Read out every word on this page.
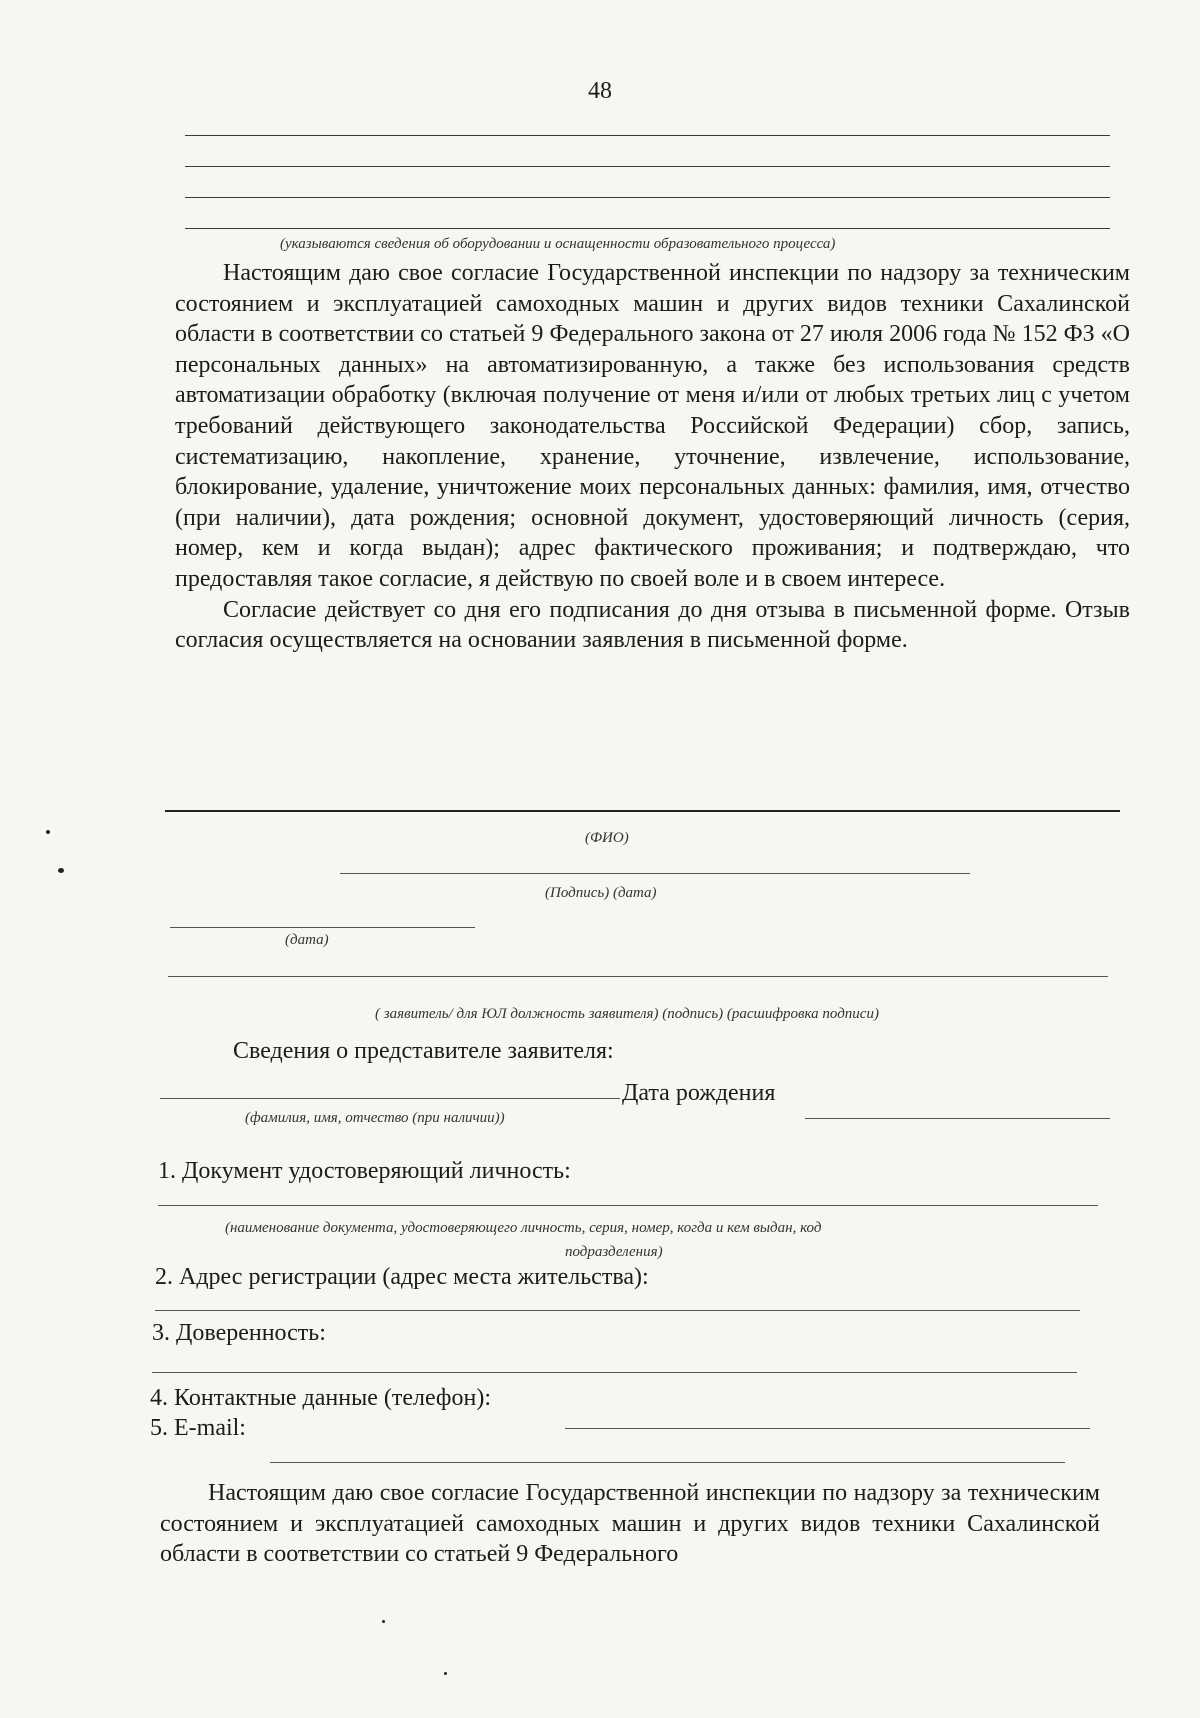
48
(указываются сведения об оборудовании и оснащенности образовательного процесса)

Настоящим даю свое согласие Государственной инспекции по надзору за техническим состоянием и эксплуатацией самоходных машин и других видов техники Сахалинской области в соответствии со статьей 9 Федерального закона от 27 июля 2006 года № 152 ФЗ «О персональных данных» на автоматизированную, а также без использования средств автоматизации обработку (включая получение от меня и/или от любых третьих лиц с учетом требований действующего законодательства Российской Федерации) сбор, запись, систематизацию, накопление, хранение, уточнение, извлечение, использование, блокирование, удаление, уничтожение моих персональных данных: фамилия, имя, отчество (при наличии), дата рождения; основной документ, удостоверяющий личность (серия, номер, кем и когда выдан); адрес фактического проживания; и подтверждаю, что предоставляя такое согласие, я действую по своей воле и в своем интересе.

Согласие действует со дня его подписания до дня отзыва в письменной форме. Отзыв согласия осуществляется на основании заявления в письменной форме.

(ФИО)
(Подпись) (дата)
(дата)
( заявитель/ для ЮЛ должность заявителя) (подпись) (расшифровка подписи)
Сведения о представителе заявителя:
Дата рождения
(фамилия, имя, отчество (при наличии))
1. Документ удостоверяющий личность:
(наименование документа, удостоверяющего личность, серия, номер, когда и кем выдан, код
подразделения)
2. Адрес регистрации (адрес места жительства):
3. Доверенность:
4. Контактные данные (телефон):
5. E-mail:

Настоящим даю свое согласие Государственной инспекции по надзору за техническим состоянием и эксплуатацией самоходных машин и других видов техники Сахалинской области в соответствии со статьей 9 Федерального
